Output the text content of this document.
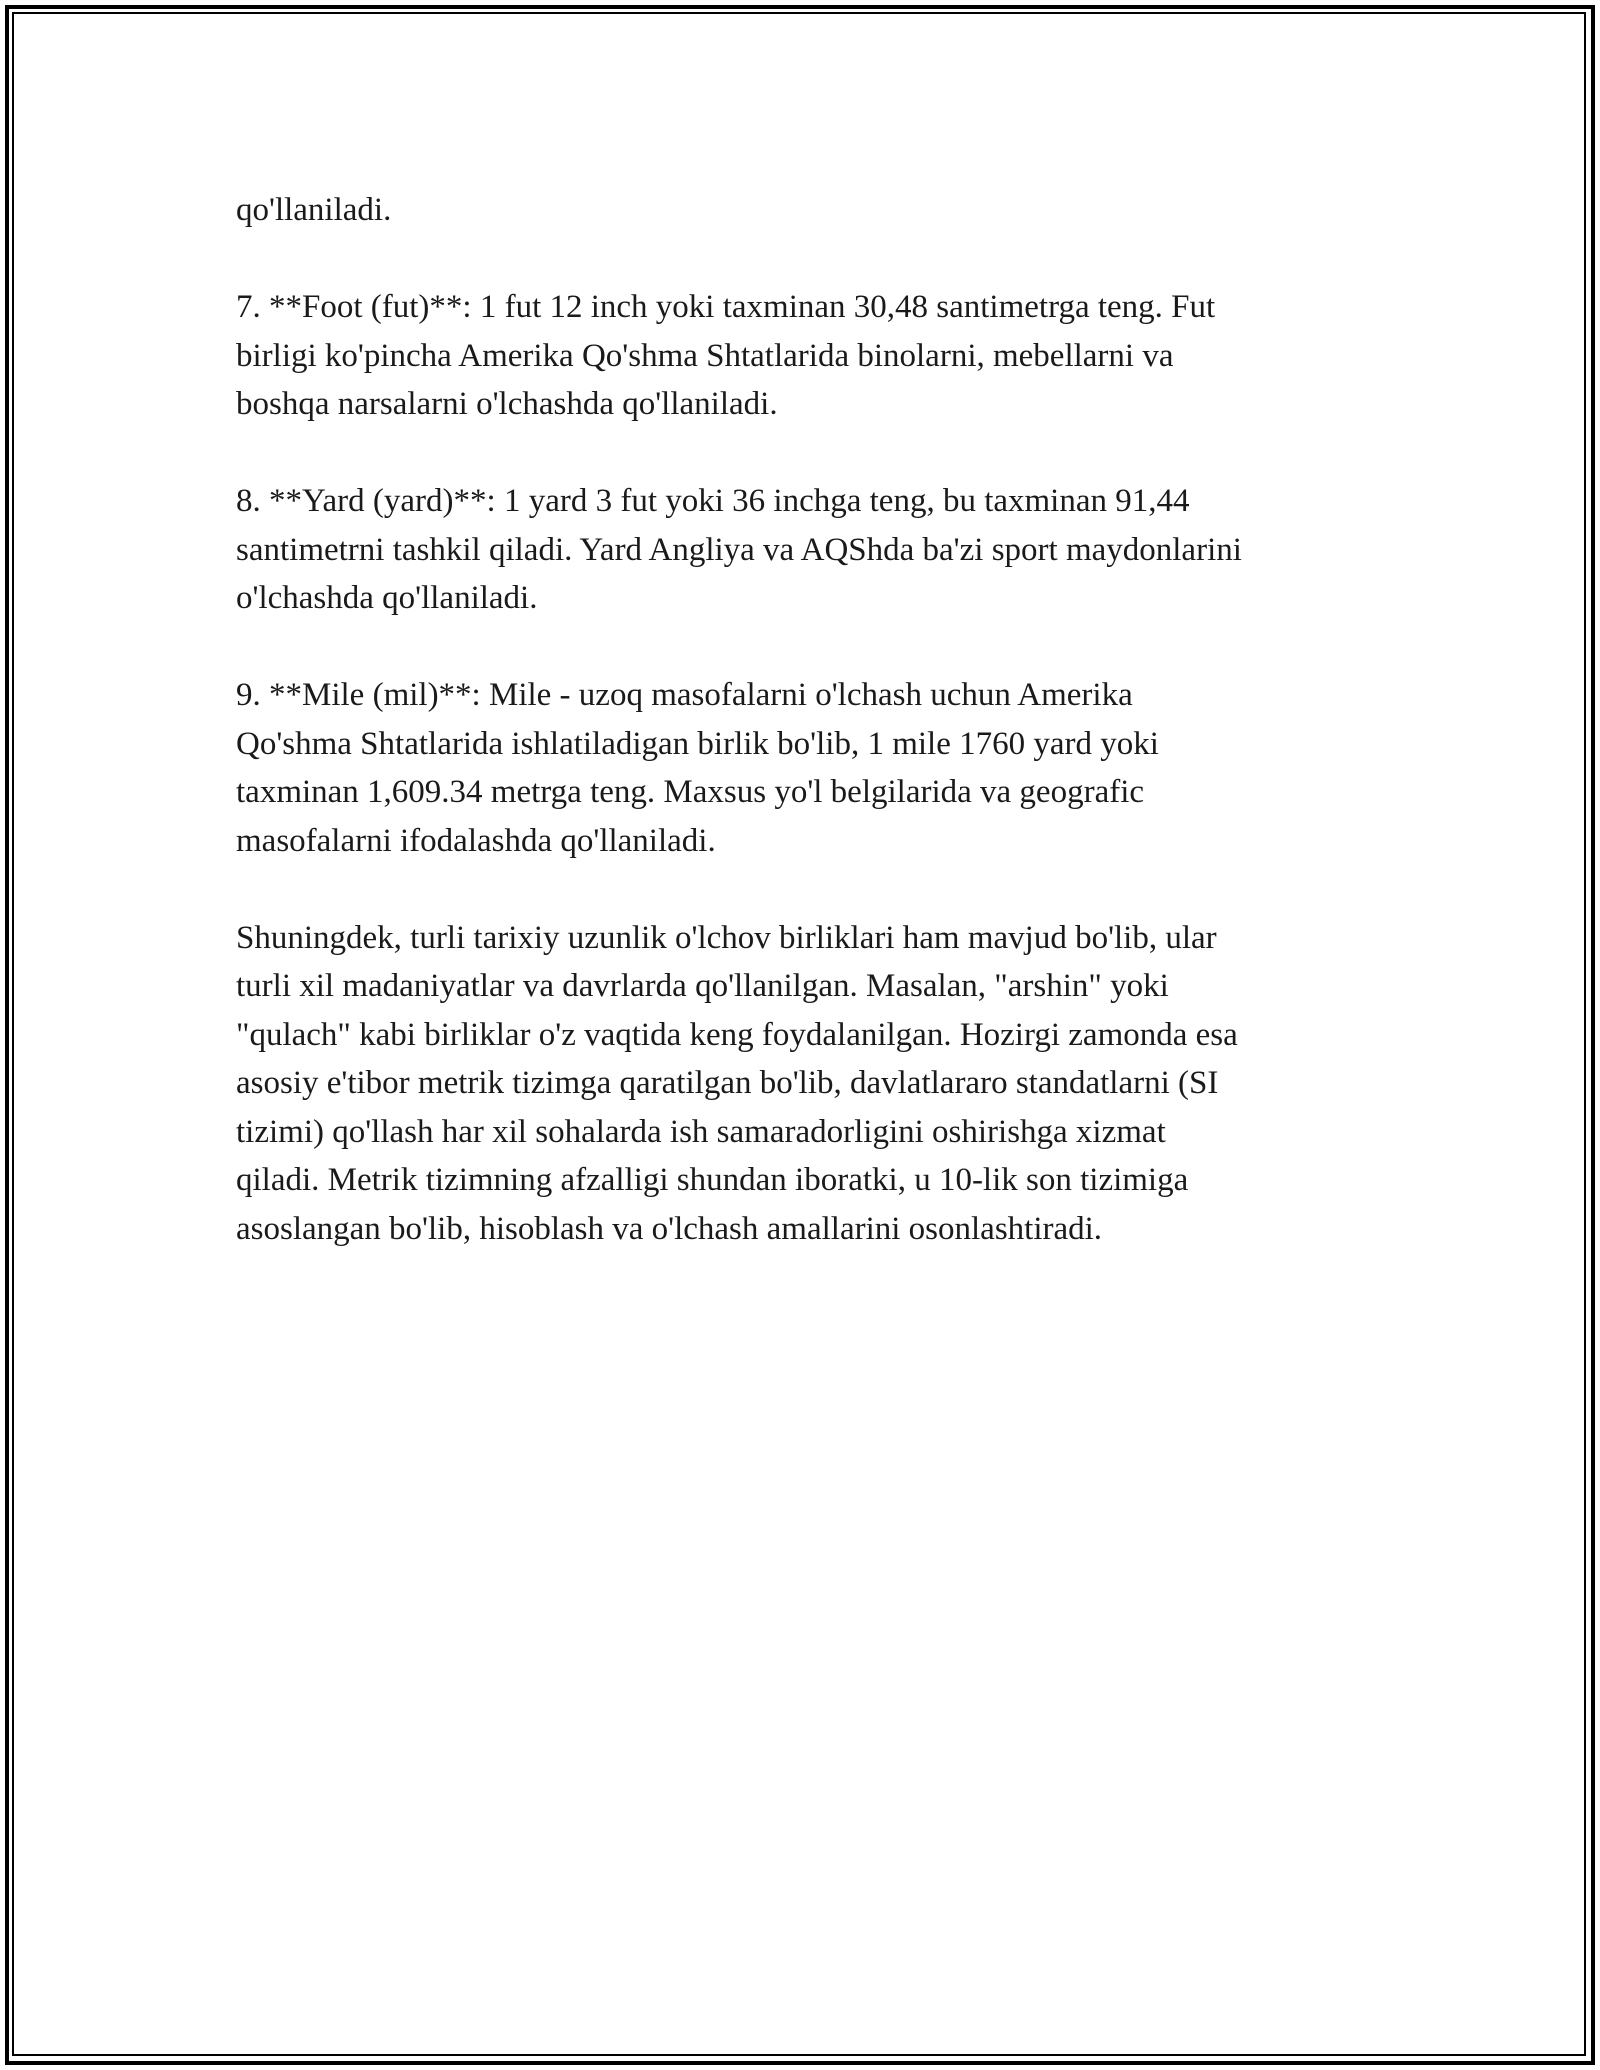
qo'llaniladi.

7. **Foot (fut)**: 1 fut 12 inch yoki taxminan 30,48 santimetrga teng. Fut
birligi ko'pincha Amerika Qo'shma Shtatlarida binolarni, mebellarni va
boshqa narsalarni o'lchashda qo'llaniladi.

8. **Yard (yard)**: 1 yard 3 fut yoki 36 inchga teng, bu taxminan 91,44
santimetrni tashkil qiladi. Yard Angliya va AQShda ba'zi sport maydonlarini
o'lchashda qo'llaniladi.

9. **Mile (mil)**: Mile - uzoq masofalarni o'lchash uchun Amerika
Qo'shma Shtatlarida ishlatiladigan birlik bo'lib, 1 mile 1760 yard yoki
taxminan 1,609.34 metrga teng. Maxsus yo'l belgilarida va geografic
masofalarni ifodalashda qo'llaniladi.

Shuningdek, turli tarixiy uzunlik o'lchov birliklari ham mavjud bo'lib, ular
turli xil madaniyatlar va davrlarda qo'llanilgan. Masalan, "arshin" yoki
"qulach" kabi birliklar o'z vaqtida keng foydalanilgan. Hozirgi zamonda esa
asosiy e'tibor metrik tizimga qaratilgan bo'lib, davlatlararo standatlarni (SI
tizimi) qo'llash har xil sohalarda ish samaradorligini oshirishga xizmat
qiladi. Metrik tizimning afzalligi shundan iboratki, u 10-lik son tizimiga
asoslangan bo'lib, hisoblash va o'lchash amallarini osonlashtiradi.
